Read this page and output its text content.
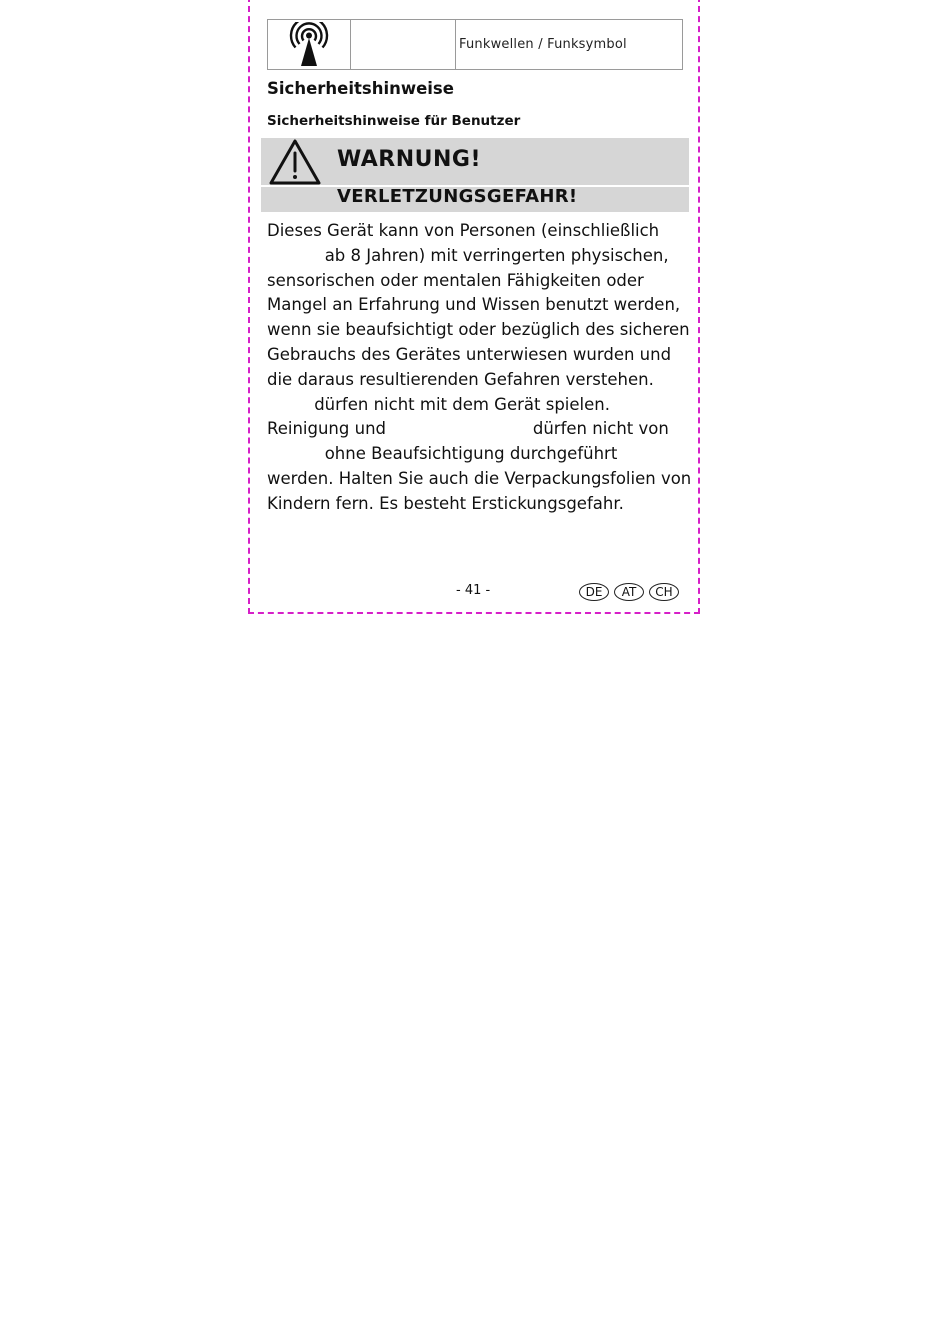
Funkwellen / Funksymbol
Sicherheitshinweise
Sicherheitshinweise für Benutzer
WARNUNG!
VERLETZUNGSGEFAHR!
Dieses Gerät kann von Personen (einschließlich
ab 8 Jahren) mit verringerten physischen,
sensorischen oder mentalen Fähigkeiten oder
Mangel an Erfahrung und Wissen benutzt werden,
wenn sie beaufsichtigt oder bezüglich des sicheren
Gebrauchs des Gerätes unterwiesen wurden und
die daraus resultierenden Gefahren verstehen.
dürfen nicht mit dem Gerät spielen.
Reinigung und                            dürfen nicht von
ohne Beaufsichtigung durchgeführt
werden. Halten Sie auch die Verpackungsfolien von
Kindern fern. Es besteht Erstickungsgefahr.
- 41 -	DE	AT	CH
